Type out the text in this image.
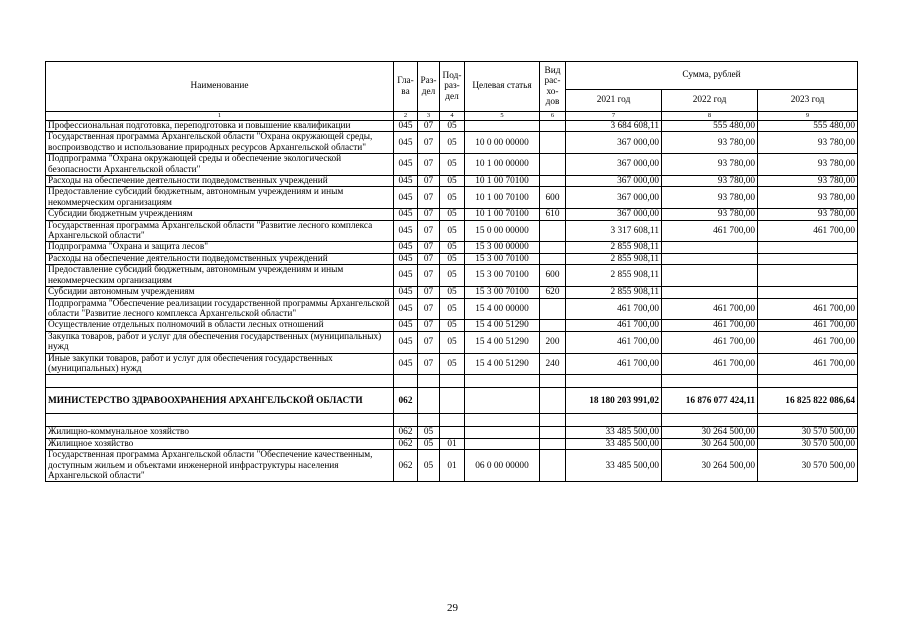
Наименование	Гла-ва	Раз-дел	Под-раз-дел	Целевая статья	Вид рас-хо-дов	Сумма, рублей		
						2021 год	2022 год	2023 год
1	2	3	4	5	6	7	8	9
Профессиональная подготовка, переподготовка и повышение квалификации	045	07	05			3 684 608,11	555 480,00	555 480,00
Государственная программа Архангельской области "Охрана окружающей среды, воспроизводство и использование природных ресурсов Архангельской области"	045	07	05	10 0 00 00000		367 000,00	93 780,00	93 780,00
Подпрограмма "Охрана окружающей среды и обеспечение экологической безопасности Архангельской области"	045	07	05	10 1 00 00000		367 000,00	93 780,00	93 780,00
Расходы на обеспечение деятельности подведомственных учреждений	045	07	05	10 1 00 70100		367 000,00	93 780,00	93 780,00
Предоставление субсидий бюджетным, автономным учреждениям и иным некоммерческим организациям	045	07	05	10 1 00 70100	600	367 000,00	93 780,00	93 780,00
Субсидии бюджетным учреждениям	045	07	05	10 1 00 70100	610	367 000,00	93 780,00	93 780,00
Государственная программа Архангельской области "Развитие лесного комплекса Архангельской области"	045	07	05	15 0 00 00000		3 317 608,11	461 700,00	461 700,00
Подпрограмма "Охрана и защита лесов"	045	07	05	15 3 00 00000		2 855 908,11		
Расходы на обеспечение деятельности подведомственных учреждений	045	07	05	15 3 00 70100		2 855 908,11		
Предоставление субсидий бюджетным, автономным учреждениям и иным некоммерческим организациям	045	07	05	15 3 00 70100	600	2 855 908,11		
Субсидии автономным учреждениям	045	07	05	15 3 00 70100	620	2 855 908,11		
Подпрограмма "Обеспечение реализации государственной программы Архангельской области "Развитие лесного комплекса Архангельской области"	045	07	05	15 4 00 00000		461 700,00	461 700,00	461 700,00
Осуществление отдельных полномочий в области лесных отношений	045	07	05	15 4 00 51290		461 700,00	461 700,00	461 700,00
Закупка товаров, работ и услуг для обеспечения государственных (муниципальных) нужд	045	07	05	15 4 00 51290	200	461 700,00	461 700,00	461 700,00
Иные закупки товаров, работ и услуг для обеспечения государственных (муниципальных) нужд	045	07	05	15 4 00 51290	240	461 700,00	461 700,00	461 700,00

МИНИСТЕРСТВО ЗДРАВООХРАНЕНИЯ АРХАНГЕЛЬСКОЙ ОБЛАСТИ	062					18 180 203 991,02	16 876 077 424,11	16 825 822 086,64

Жилищно-коммунальное хозяйство	062	05				33 485 500,00	30 264 500,00	30 570 500,00
Жилищное хозяйство	062	05	01			33 485 500,00	30 264 500,00	30 570 500,00
Государственная программа Архангельской области "Обеспечение качественным, доступным жильем и объектами инженерной инфраструктуры населения Архангельской области"	062	05	01	06 0 00 00000		33 485 500,00	30 264 500,00	30 570 500,00
29
